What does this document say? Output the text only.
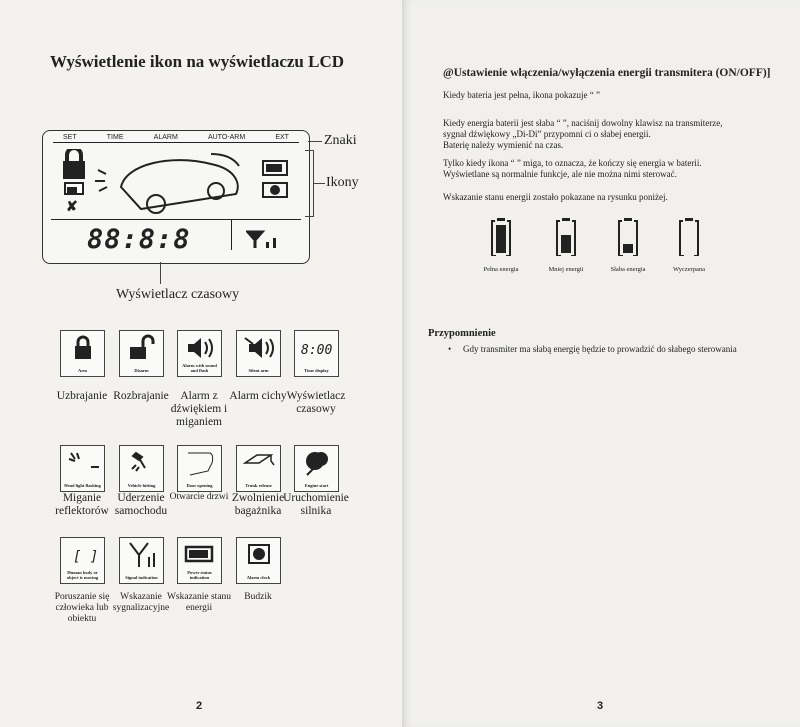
Wyświetlenie ikon na wyświetlaczu LCD
SET	TIME	ALARM	AUTO-ARM	EXT
✘
88:8:8
Znaki
Ikony
Wyświetlacz czasowy
Arm
Uzbrajanie
Disarm
Rozbrajanie
Alarm with sound and flash
Alarm z dźwiękiem i miganiem
Silent arm
Alarm cichy
8:00
Time display
Wyświetlacz czasowy
Head light flashing
Miganie reflektorów
Vehicle hitting
Uderzenie samochodu
Door opening
Otwarcie drzwi
Trunk release
Zwolnienie bagażnika
Engine start
Uruchomienie silnika
[ ]
Human body or object is moving
Poruszanie się człowieka lub obiektu
Signal indication
Wskazanie sygnalizacyjne
Power status indication
Wskazanie stanu energii
Alarm clock
Budzik
2
@Ustawienie włączenia/wyłączenia energii transmitera (ON/OFF)]
Kiedy bateria jest pełna, ikona pokazuje “ ”
Kiedy energia baterii jest słaba “ ”, naciśnij dowolny klawisz na transmiterze,
sygnał dźwiękowy „Di-Di” przypomni ci o słabej energii.
Baterię należy wymienić na czas.
Tylko kiedy ikona “ ” miga, to oznacza, że kończy się energia w baterii.
Wyświetlane są normalnie funkcje, ale nie można nimi sterować.
Wskazanie stanu energii zostało pokazane na rysunku poniżej.
Pełna energia	Mniej energii	Słaba energia	Wyczerpana
Przypomnienie
• Gdy transmiter ma słabą energię będzie to prowadzić do słabego sterowania
3
